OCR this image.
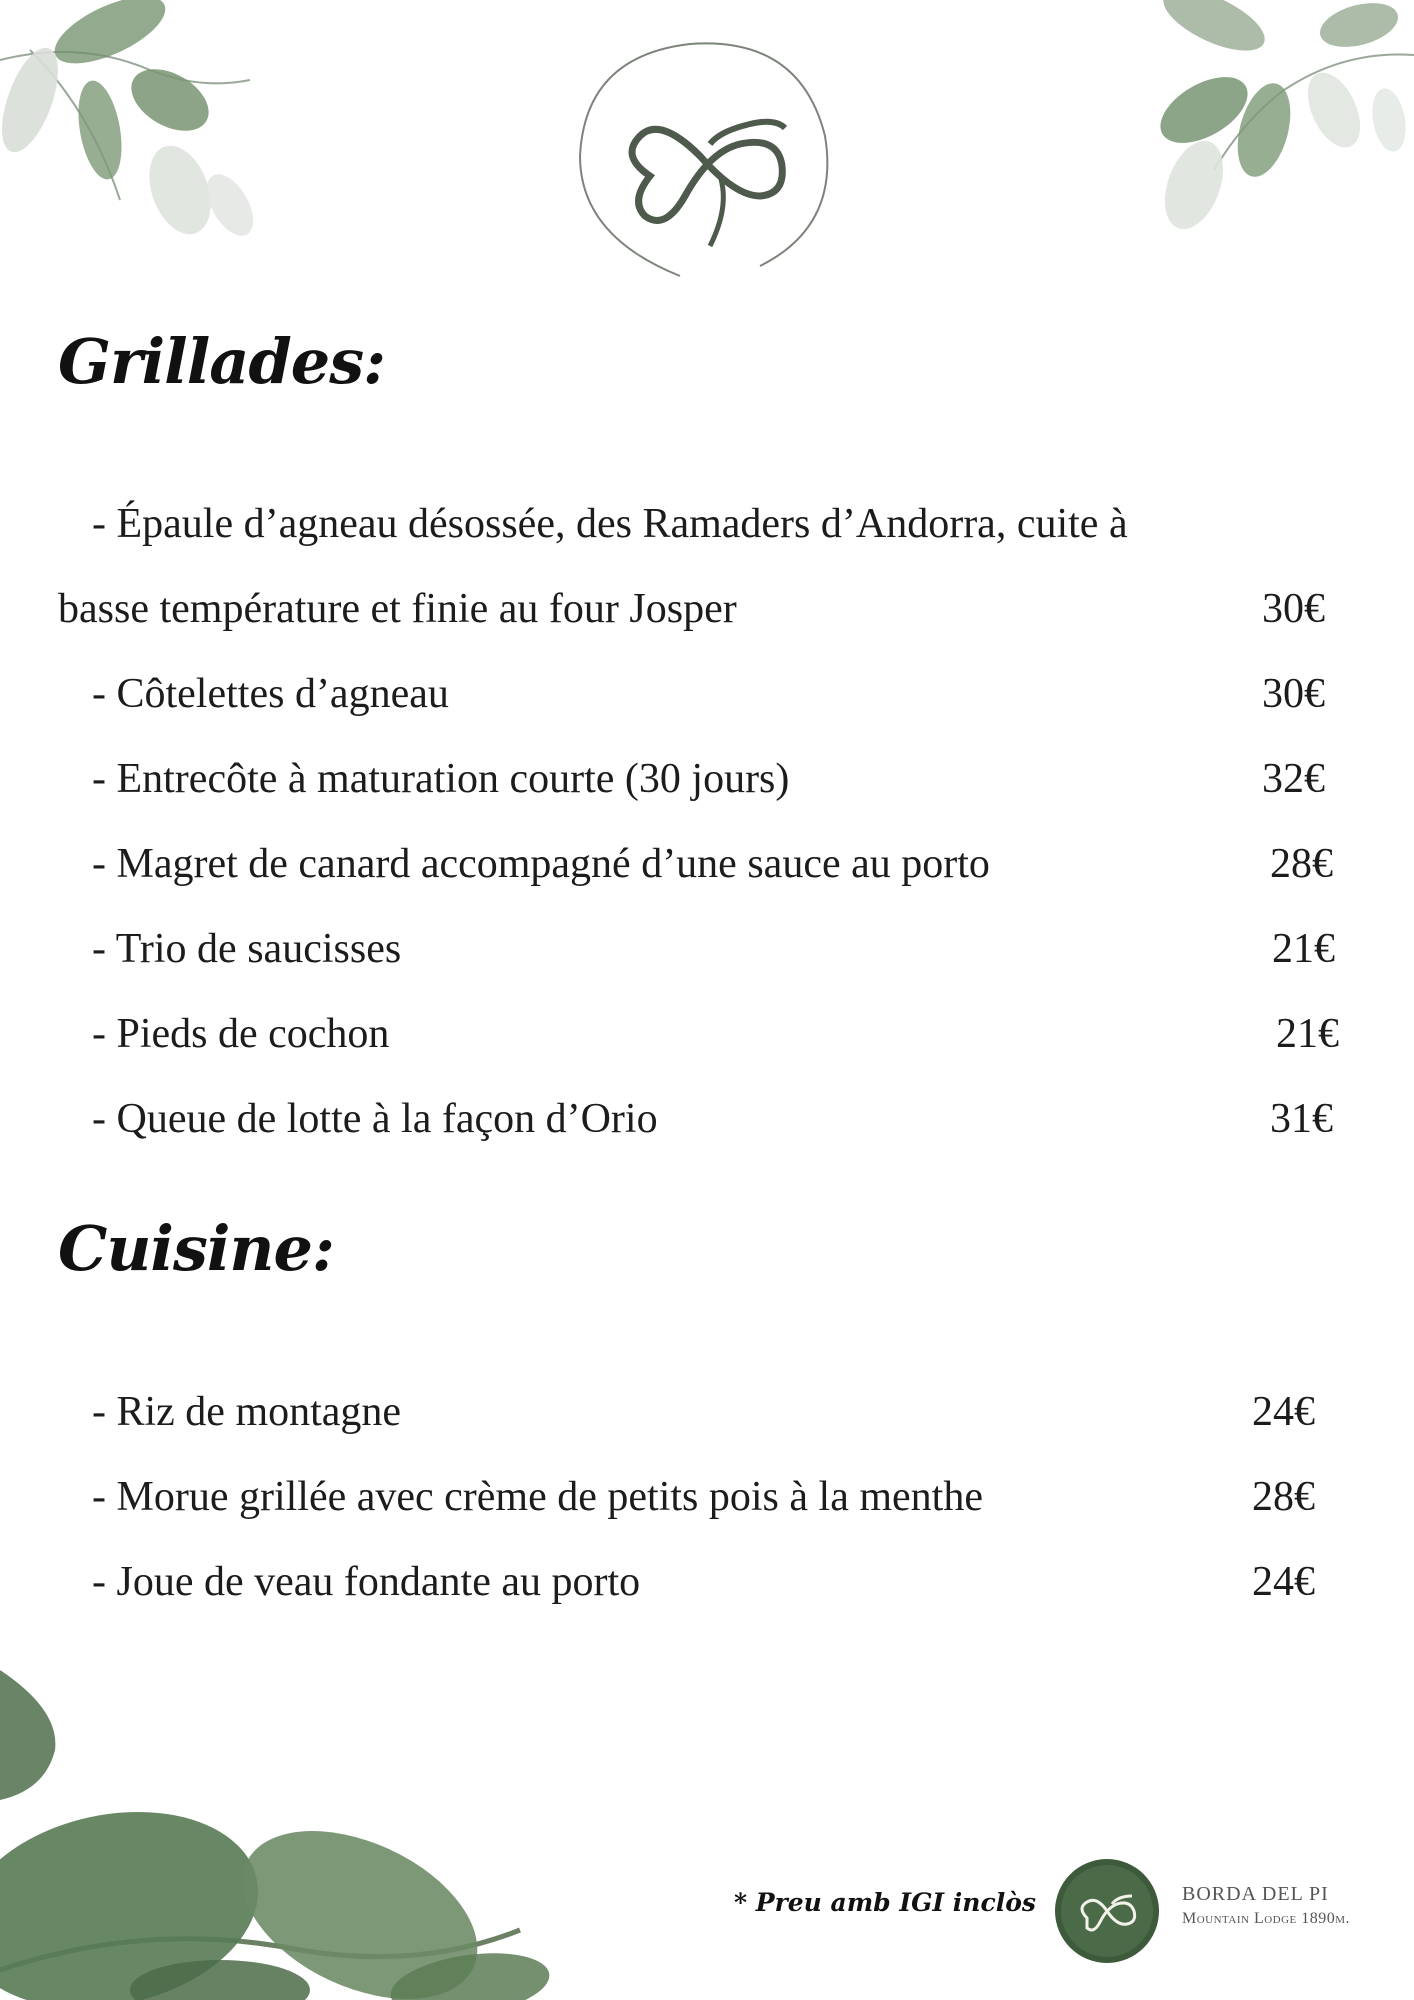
Grillades:
- Épaule d’agneau désossée, des Ramaders d’Andorra, cuite à
basse température et finie au four Josper	30€
- Côtelettes d’agneau	30€
- Entrecôte à maturation courte (30 jours)	32€
- Magret de canard accompagné d’une sauce au porto	28€
- Trio de saucisses	21€
- Pieds de cochon	21€
- Queue de lotte à la façon d’Orio	31€
Cuisine:
- Riz de montagne	24€
- Morue grillée avec crème de petits pois à la menthe	28€
- Joue de veau fondante au porto	24€
* Preu amb IGI inclòs	BORDA DEL PI
Mountain Lodge 1890m.
